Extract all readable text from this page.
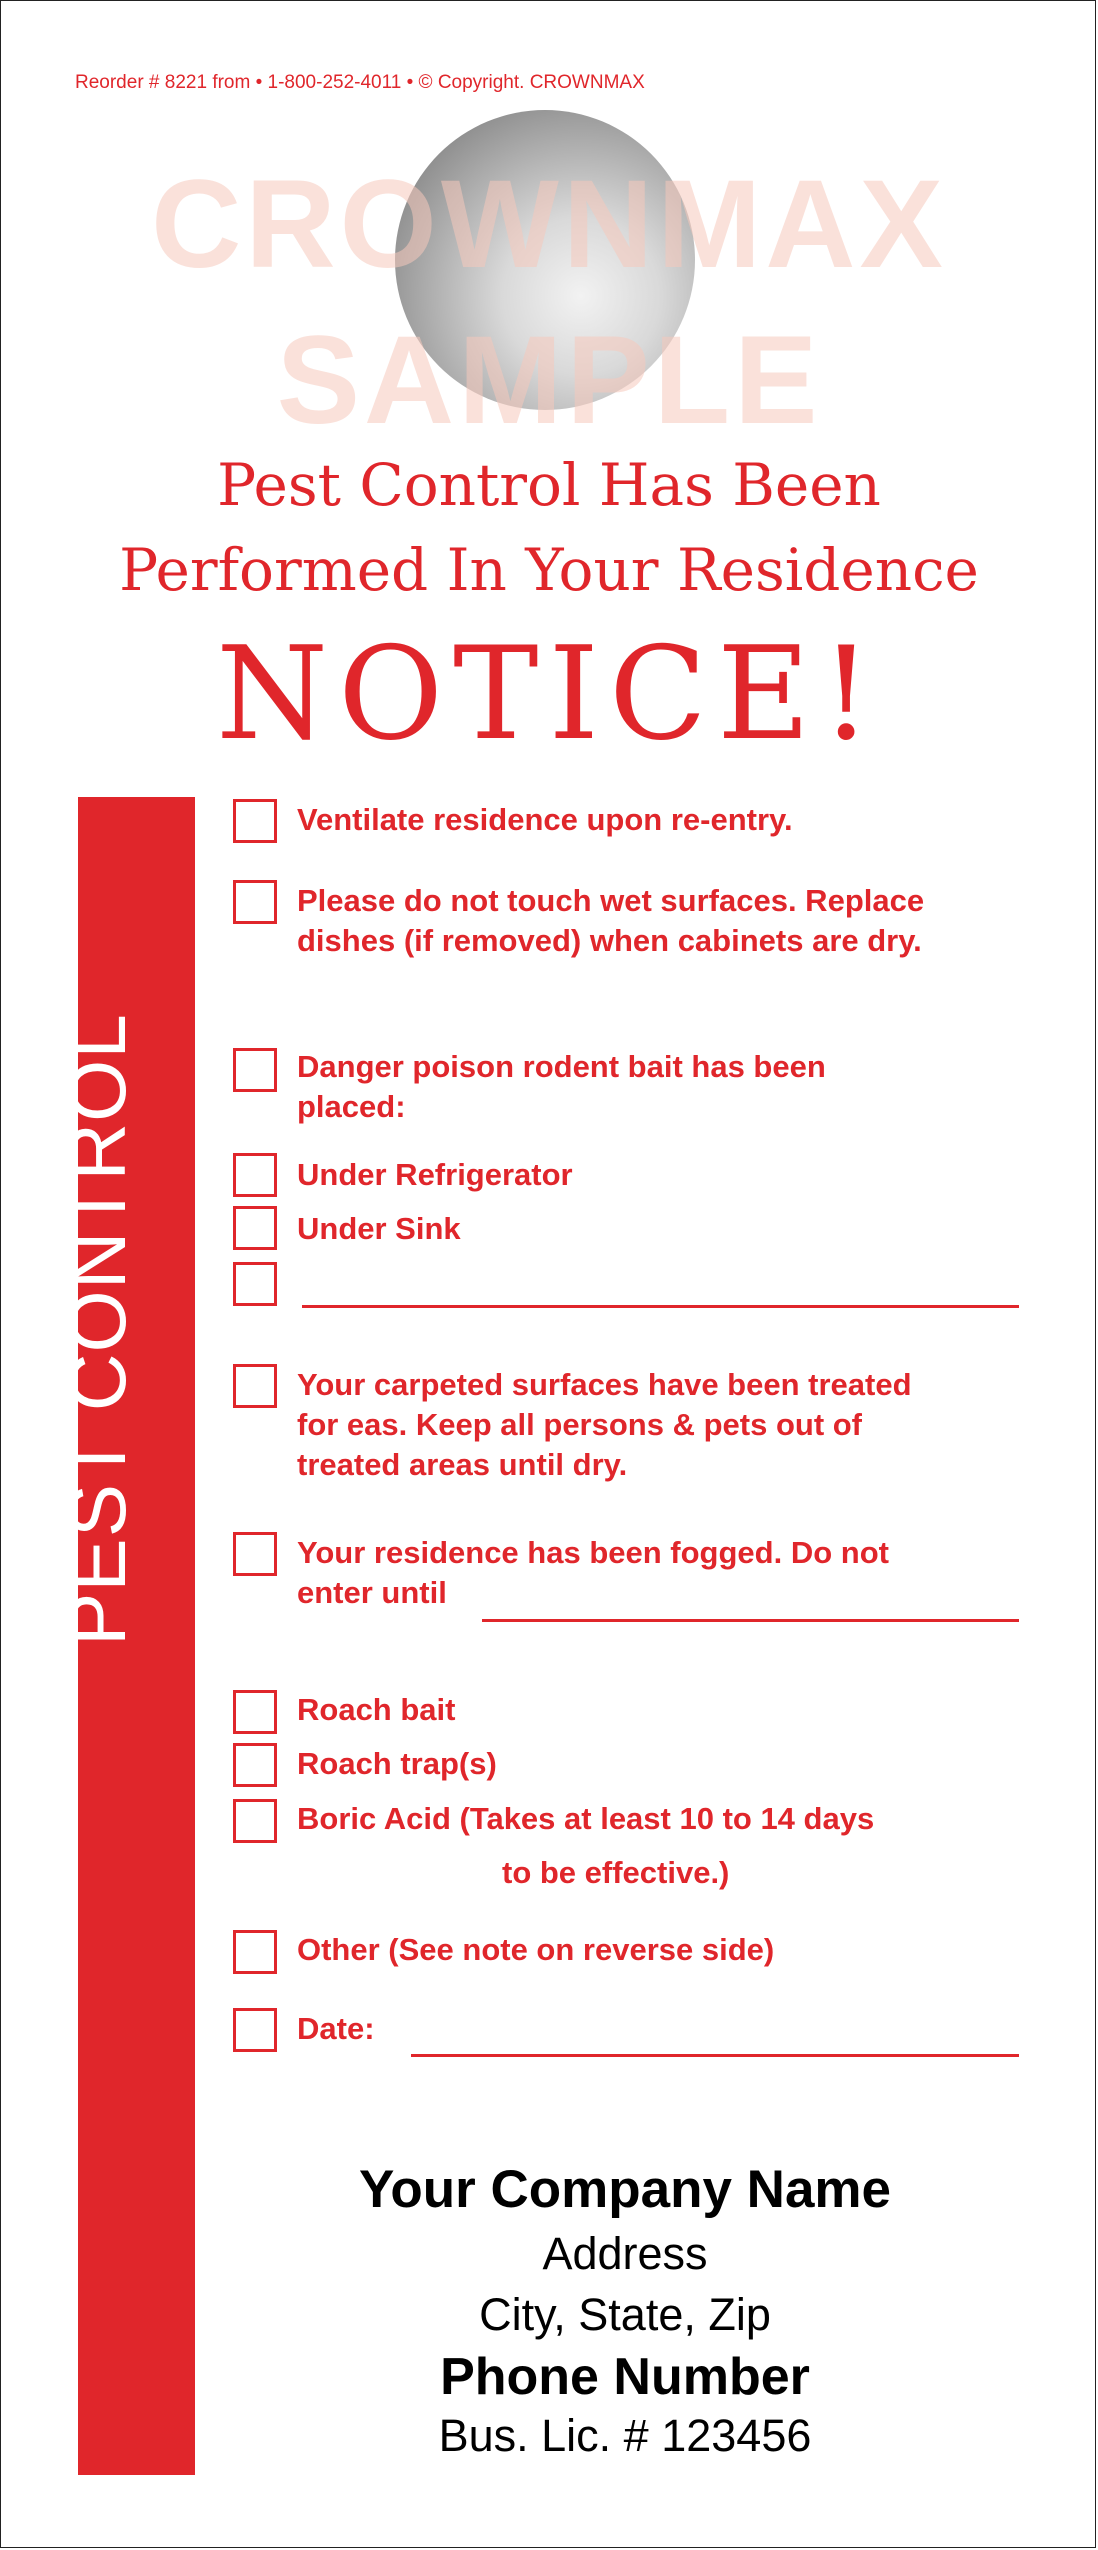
Reorder # 8221 from • 1-800-252-4011 • © Copyright. CROWNMAX
CROWNMAX
SAMPLE
Pest Control Has Been
Performed In Your Residence
NOTICE!
PEST CONTROL
Ventilate residence upon re-entry.
Please do not touch wet surfaces. Replace
dishes (if removed) when cabinets are dry.
Danger poison rodent bait has been
placed:
Under Refrigerator
Under Sink
Your carpeted surfaces have been treated
for eas. Keep all persons & pets out of
treated areas until dry.
Your residence has been fogged. Do not
enter until
Roach bait
Roach trap(s)
Boric Acid (Takes at least 10 to 14 days
to be effective.)
Other (See note on reverse side)
Date:
Your Company Name
Address
City, State, Zip
Phone Number
Bus. Lic. # 123456
